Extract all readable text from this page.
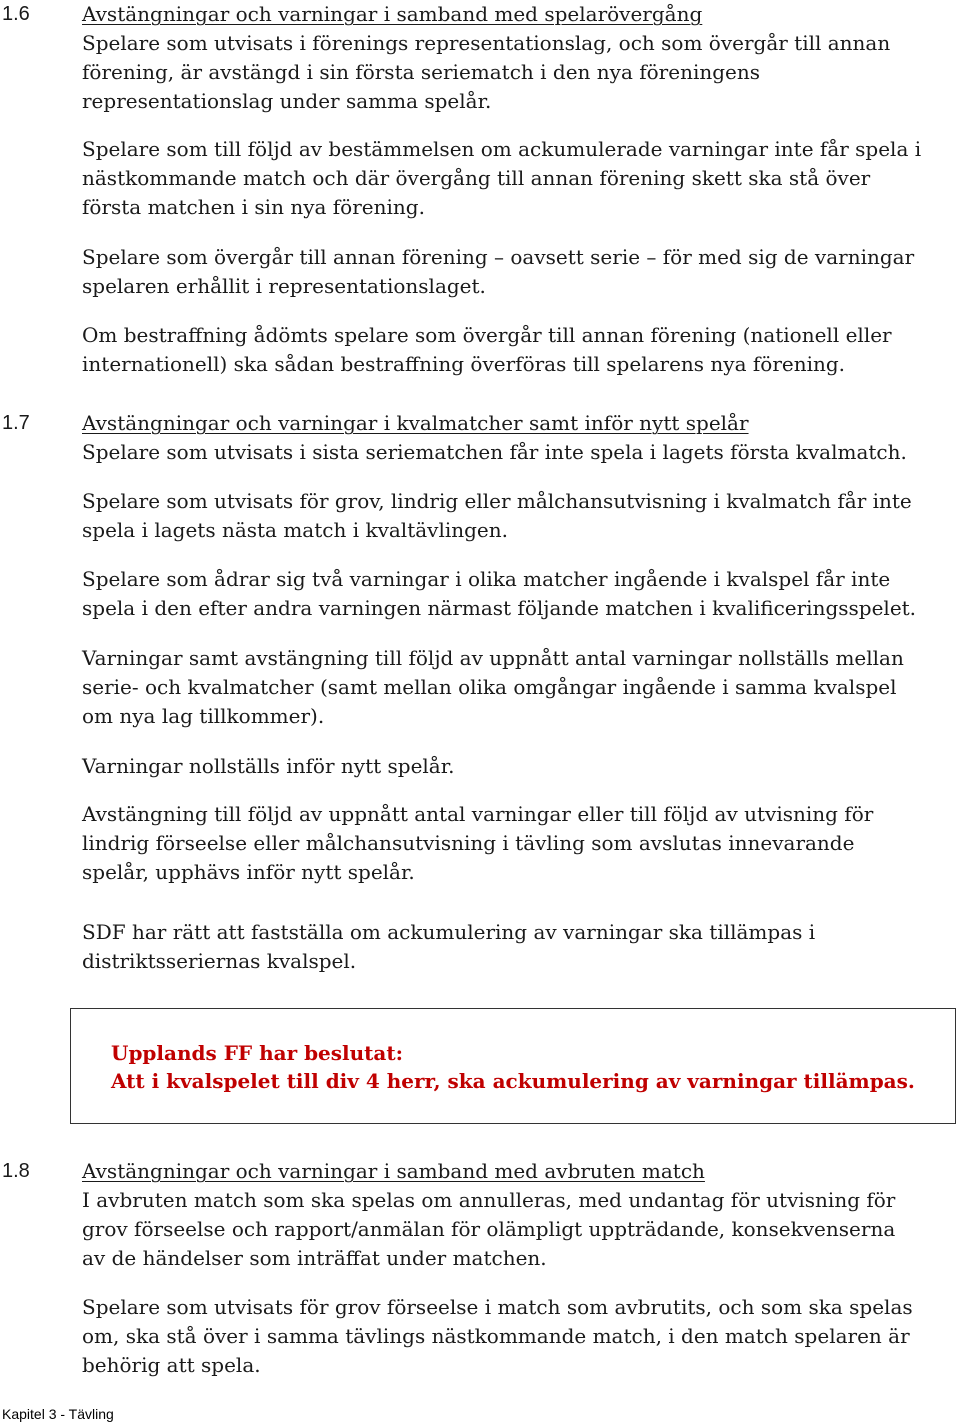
1.6	Avstängningar och varningar i samband med spelarövergång

Spelare som utvisats i förenings representationslag, och som övergår till annan
förening, är avstängd i sin första seriematch i den nya föreningens
representationslag under samma spelår.

Spelare som till följd av bestämmelsen om ackumulerade varningar inte får spela i
nästkommande match och där övergång till annan förening skett ska stå över
första matchen i sin nya förening.

Spelare som övergår till annan förening – oavsett serie – för med sig de varningar
spelaren erhållit i representationslaget.

Om bestraffning ådömts spelare som övergår till annan förening (nationell eller
internationell) ska sådan bestraffning överföras till spelarens nya förening.

1.7	Avstängningar och varningar i kvalmatcher samt inför nytt spelår

Spelare som utvisats i sista seriematchen får inte spela i lagets första kvalmatch.

Spelare som utvisats för grov, lindrig eller målchansutvisning i kvalmatch får inte
spela i lagets nästa match i kvaltävlingen.

Spelare som ådrar sig två varningar i olika matcher ingående i kvalspel får inte
spela i den efter andra varningen närmast följande matchen i kvalificeringsspelet.

Varningar samt avstängning till följd av uppnått antal varningar nollställs mellan
serie- och kvalmatcher (samt mellan olika omgångar ingående i samma kvalspel
om nya lag tillkommer).

Varningar nollställs inför nytt spelår.

Avstängning till följd av uppnått antal varningar eller till följd av utvisning för
lindrig förseelse eller målchansutvisning i tävling som avslutas innevarande
spelår, upphävs inför nytt spelår.

SDF har rätt att fastställa om ackumulering av varningar ska tillämpas i
distriktsseriernas kvalspel.

Upplands FF har beslutat:
Att i kvalspelet till div 4 herr, ska ackumulering av varningar tillämpas.
1.8	Avstängningar och varningar i samband med avbruten match

I avbruten match som ska spelas om annulleras, med undantag för utvisning för
grov förseelse och rapport/anmälan för olämpligt uppträdande, konsekvenserna
av de händelser som inträffat under matchen.

Spelare som utvisats för grov förseelse i match som avbrutits, och som ska spelas
om, ska stå över i samma tävlings nästkommande match, i den match spelaren är
behörig att spela.

Kapitel 3 - Tävling
